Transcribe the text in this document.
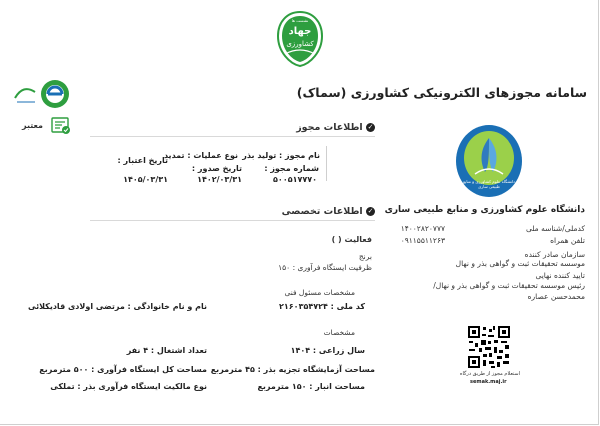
جهاد
کشاورزی
نشست ها
معتبر
سامانه مجوزهای الکترونیکی کشاورزی (سماک)
✓ اطلاعات مجوز
نام مجوز : تولید بذر
نوع عملیات : تمدید
شماره مجوز :
۵۰۰۵۱۷۷۷۰
تاریخ صدور :
۱۴۰۲/۰۳/۳۱
تاریخ اعتبار :
۱۴۰۵/۰۳/۳۱	دانشگاه علوم کشاورزی و منابع طبیعی ساری
دانشگاه علوم کشاورزی و منابع طبیعی ساری
کدملی/شناسه ملی
۱۴۰۰۲۸۲۰۷۷۷
تلفن همراه
۰۹۱۱۵۵۱۱۲۶۳
سازمان صادر کننده
موسسه تحقیقات ثبت و گواهی بذر و نهال
تایید کننده نهایی
رئیس موسسه تحقیقات ثبت و گواهی بذر و نهال/
محمدحسن عصاره
استعلام مجوز از طریق درگاه
semak.maj.ir
✓ اطلاعات تخصصی
فعالیت ( )
برنج
ظرفیت ایستگاه فرآوری : ۱۵۰
مشخصات مسئول فنی
کد ملی : ۲۱۶۰۳۵۴۷۲۴
نام و نام خانوادگی : مرتضی اولادی قادیکلائی
مشخصات
سال زراعی : ۱۴۰۴
تعداد اشتغال : ۴ نفر
مساحت آزمایشگاه تجزیه بذر : ۴۵ مترمربع
مساحت کل ایستگاه فرآوری : ۵۰۰ مترمربع
مساحت انبار : ۱۵۰ مترمربع
نوع مالکیت ایستگاه فرآوری بذر : تملکی
